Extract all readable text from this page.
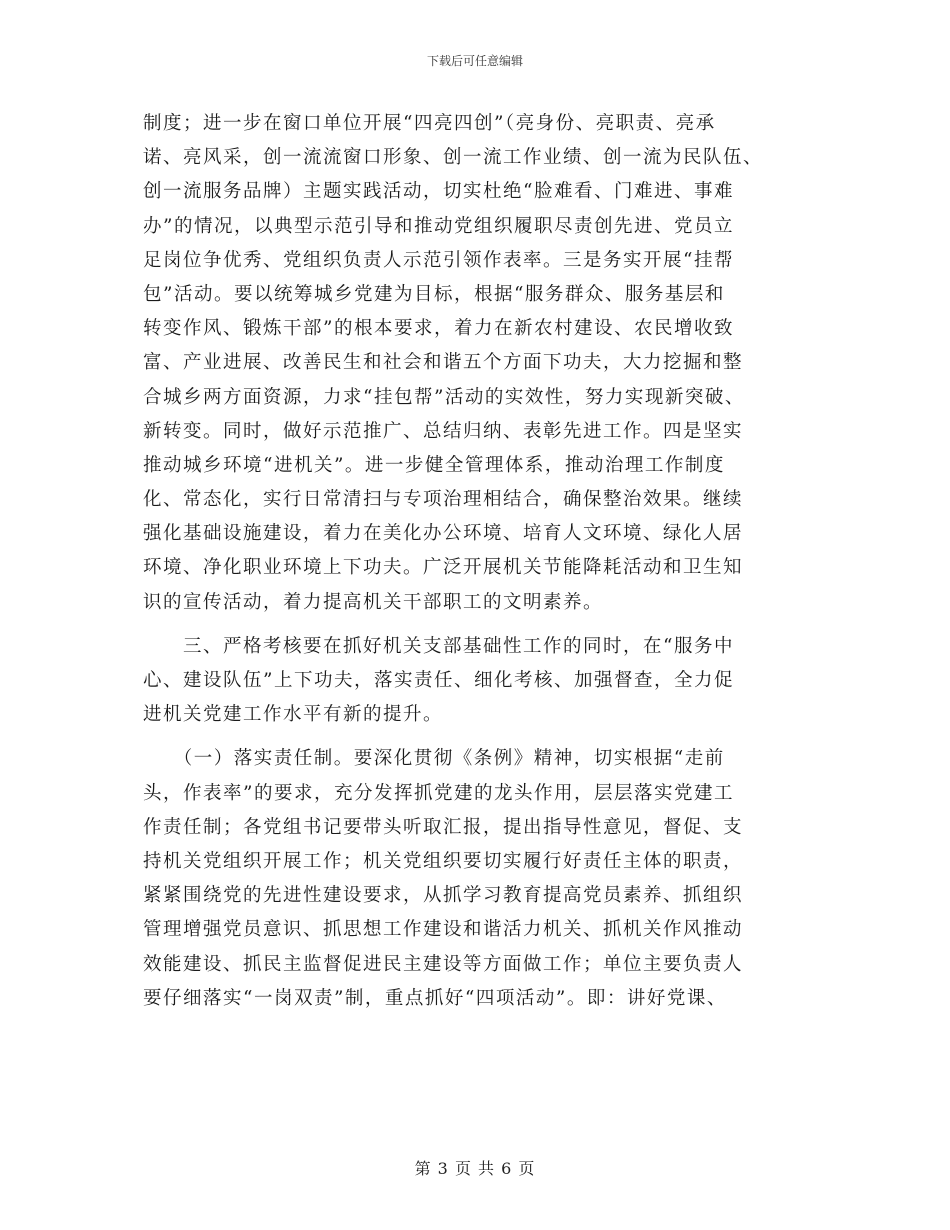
下载后可任意编辑
制度；进一步在窗口单位开展“四亮四创”（亮身份、亮职责、亮承
诺、亮风采，创一流流窗口形象、创一流工作业绩、创一流为民队伍、
创一流服务品牌）主题实践活动，切实杜绝“脸难看、门难进、事难
办”的情况，以典型示范引导和推动党组织履职尽责创先进、党员立
足岗位争优秀、党组织负责人示范引领作表率。三是务实开展“挂帮
包”活动。要以统筹城乡党建为目标，根据“服务群众、服务基层和
转变作风、锻炼干部”的根本要求，着力在新农村建设、农民增收致
富、产业进展、改善民生和社会和谐五个方面下功夫，大力挖掘和整
合城乡两方面资源，力求“挂包帮”活动的实效性，努力实现新突破、
新转变。同时，做好示范推广、总结归纳、表彰先进工作。四是坚实
推动城乡环境“进机关”。进一步健全管理体系，推动治理工作制度
化、常态化，实行日常清扫与专项治理相结合，确保整治效果。继续
强化基础设施建设，着力在美化办公环境、培育人文环境、绿化人居
环境、净化职业环境上下功夫。广泛开展机关节能降耗活动和卫生知
识的宣传活动，着力提高机关干部职工的文明素养。
　　三、严格考核要在抓好机关支部基础性工作的同时，在“服务中
心、建设队伍”上下功夫，落实责任、细化考核、加强督查，全力促
进机关党建工作水平有新的提升。
　　（一）落实责任制。要深化贯彻《条例》精神，切实根据“走前
头，作表率”的要求，充分发挥抓党建的龙头作用，层层落实党建工
作责任制；各党组书记要带头听取汇报，提出指导性意见，督促、支
持机关党组织开展工作；机关党组织要切实履行好责任主体的职责，
紧紧围绕党的先进性建设要求，从抓学习教育提高党员素养、抓组织
管理增强党员意识、抓思想工作建设和谐活力机关、抓机关作风推动
效能建设、抓民主监督促进民主建设等方面做工作；单位主要负责人
要仔细落实“一岗双责”制，重点抓好“四项活动”。即：讲好党课、
第 3 页 共 6 页
